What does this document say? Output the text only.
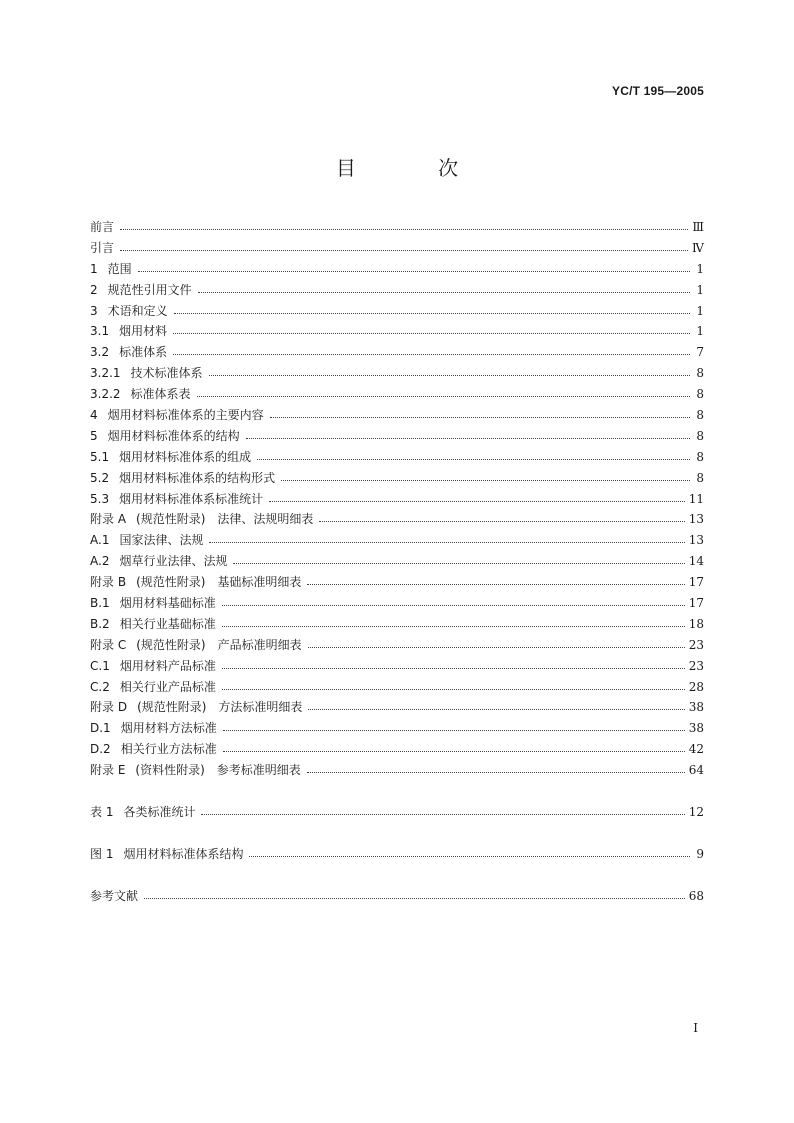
YC/T 195—2005
目 次
前言	Ⅲ
引言	Ⅳ
1 范围	1
2 规范性引用文件	1
3 术语和定义	1
3.1 烟用材料	1
3.2 标准体系	7
3.2.1 技术标准体系	8
3.2.2 标准体系表	8
4 烟用材料标准体系的主要内容	8
5 烟用材料标准体系的结构	8
5.1 烟用材料标准体系的组成	8
5.2 烟用材料标准体系的结构形式	8
5.3 烟用材料标准体系标准统计	11
附录 A (规范性附录)　法律、法规明细表	13
A.1 国家法律、法规	13
A.2 烟草行业法律、法规	14
附录 B (规范性附录)　基础标准明细表	17
B.1 烟用材料基础标准	17
B.2 相关行业基础标准	18
附录 C (规范性附录)　产品标准明细表	23
C.1 烟用材料产品标准	23
C.2 相关行业产品标准	28
附录 D (规范性附录)　方法标准明细表	38
D.1 烟用材料方法标准	38
D.2 相关行业方法标准	42
附录 E (资料性附录)　参考标准明细表	64
表 1 各类标准统计	12
图 1 烟用材料标准体系结构	9
参考文献	68
I
